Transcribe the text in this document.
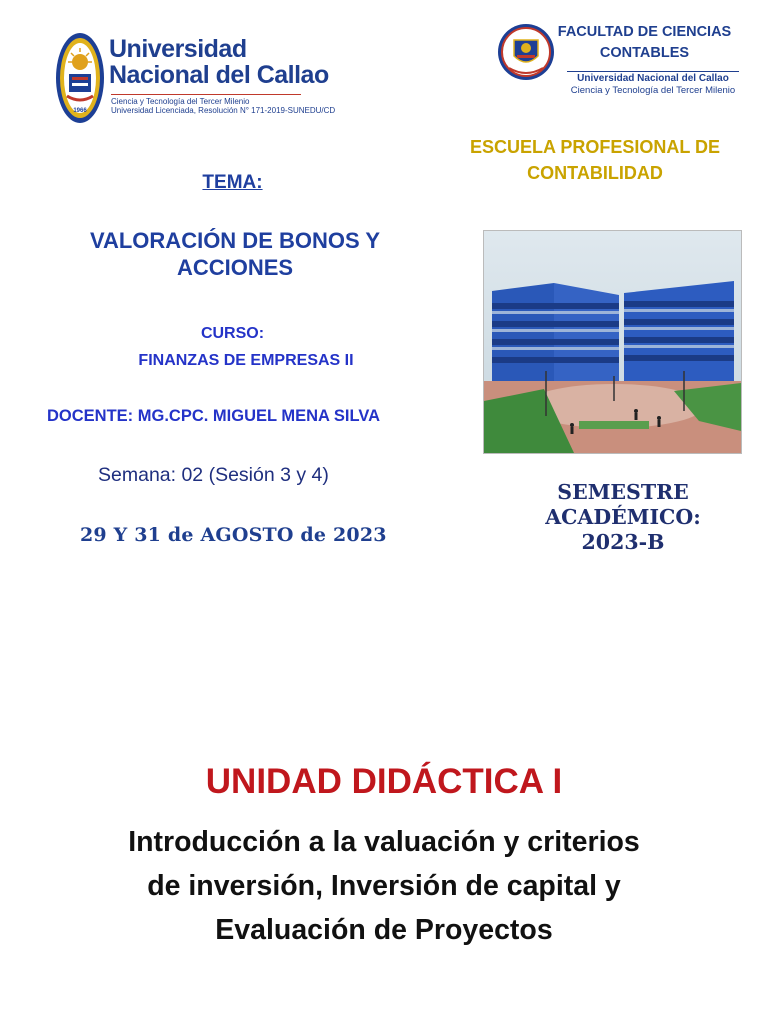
1966
Universidad
Nacional del Callao
Ciencia y Tecnología del Tercer Milenio
Universidad Licenciada, Resolución N° 171-2019-SUNEDU/CD
FACULTAD DE CIENCIAS
CONTABLES
Universidad Nacional del Callao
Ciencia y Tecnología del Tercer Milenio
ESCUELA PROFESIONAL DE
CONTABILIDAD
TEMA:
VALORACIÓN DE BONOS Y
ACCIONES
CURSO:
FINANZAS DE EMPRESAS II
DOCENTE: MG.CPC. MIGUEL MENA SILVA
Semana: 02 (Sesión 3 y 4)
29 Y 31 de AGOSTO de 2023
SEMESTRE
ACADÉMICO:
2023-B
UNIDAD DIDÁCTICA I
Introducción a la valuación y criterios
de inversión, Inversión de capital y
Evaluación de Proyectos
